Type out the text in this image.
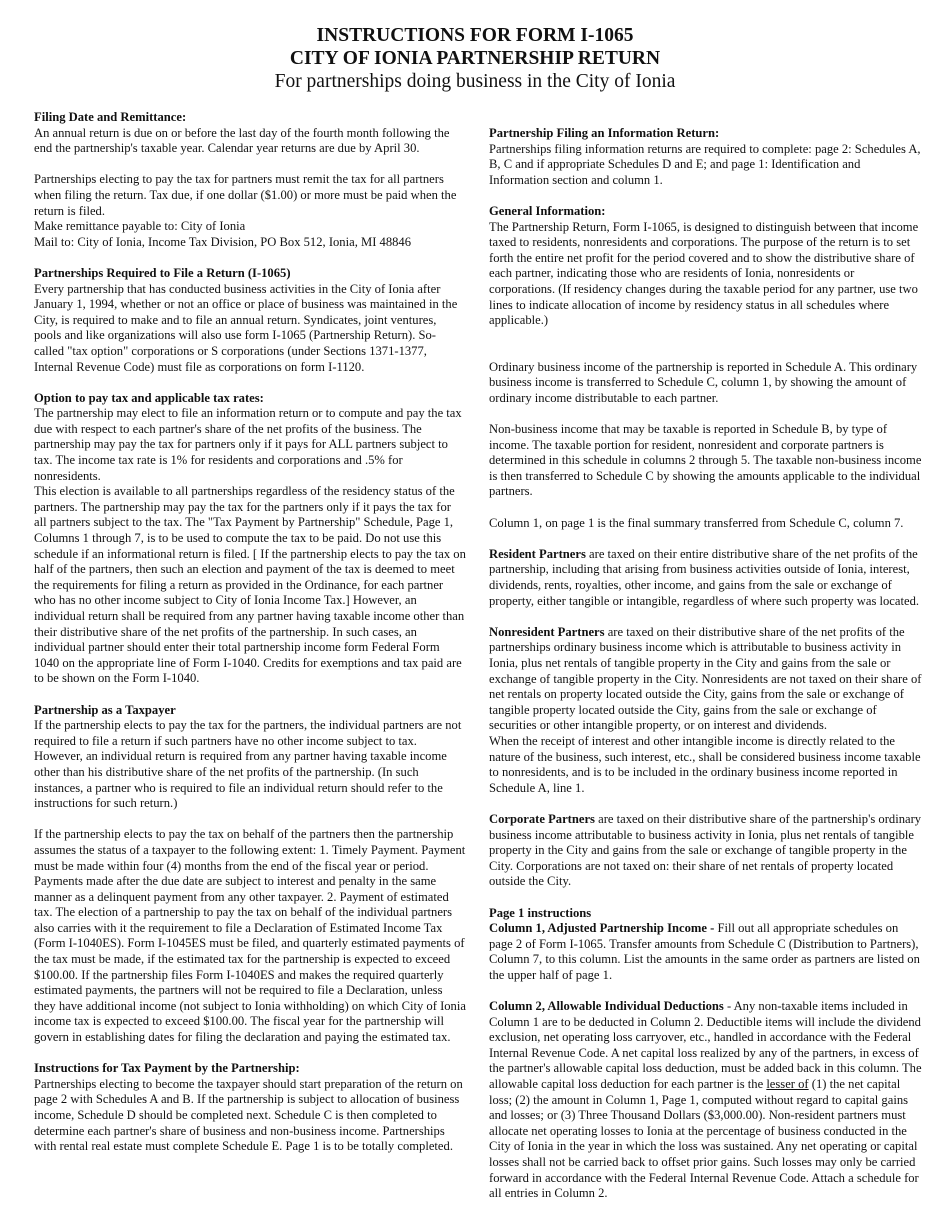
INSTRUCTIONS FOR FORM I-1065
CITY OF IONIA PARTNERSHIP RETURN
For partnerships doing business in the City of Ionia

Filing Date and Remittance:

An annual return is due on or before the last day of the fourth month following the end the partnership's taxable year. Calendar year returns are due by April 30.

Partnerships electing to pay the tax for partners must remit the tax for all partners when filing the return. Tax due, if one dollar ($1.00) or more must be paid when the return is filed.

Make remittance payable to: City of Ionia

Mail to: City of Ionia, Income Tax Division, PO Box 512, Ionia, MI 48846

Partnerships Required to File a Return (I-1065)

Every partnership that has conducted business activities in the City of Ionia after January 1, 1994, whether or not an office or place of business was maintained in the City, is required to make and to file an annual return. Syndicates, joint ventures, pools and like organizations will also use form I-1065 (Partnership Return). So-called "tax option" corporations or S corporations (under Sections 1371-1377, Internal Revenue Code) must file as corporations on form I-1120.

Option to pay tax and applicable tax rates:

The partnership may elect to file an information return or to compute and pay the tax due with respect to each partner's share of the net profits of the business. The partnership may pay the tax for partners only if it pays for ALL partners subject to tax. The income tax rate is 1% for residents and corporations and .5% for nonresidents.

This election is available to all partnerships regardless of the residency status of the partners. The partnership may pay the tax for the partners only if it pays the tax for all partners subject to the tax. The "Tax Payment by Partnership" Schedule, Page 1, Columns 1 through 7, is to be used to compute the tax to be paid. Do not use this schedule if an informational return is filed. [ If the partnership elects to pay the tax on half of the partners, then such an election and payment of the tax is deemed to meet the requirements for filing a return as provided in the Ordinance, for each partner who has no other income subject to City of Ionia Income Tax.] However, an individual return shall be required from any partner having taxable income other than their distributive share of the net profits of the partnership. In such cases, an individual partner should enter their total partnership income form Federal Form 1040 on the appropriate line of Form I-1040. Credits for exemptions and tax paid are to be shown on the Form I-1040.

Partnership as a Taxpayer

If the partnership elects to pay the tax for the partners, the individual partners are not required to file a return if such partners have no other income subject to tax. However, an individual return is required from any partner having taxable income other than his distributive share of the net profits of the partnership. (In such instances, a partner who is required to file an individual return should refer to the instructions for such return.)

If the partnership elects to pay the tax on behalf of the partners then the partnership assumes the status of a taxpayer to the following extent: 1. Timely Payment. Payment must be made within four (4) months from the end of the fiscal year or period. Payments made after the due date are subject to interest and penalty in the same manner as a delinquent payment from any other taxpayer. 2. Payment of estimated tax. The election of a partnership to pay the tax on behalf of the individual partners also carries with it the requirement to file a Declaration of Estimated Income Tax (Form I-1040ES). Form I-1045ES must be filed, and quarterly estimated payments of the tax must be made, if the estimated tax for the partnership is expected to exceed $100.00. If the partnership files Form I-1040ES and makes the required quarterly estimated payments, the partners will not be required to file a Declaration, unless they have additional income (not subject to Ionia withholding) on which City of Ionia income tax is expected to exceed $100.00. The fiscal year for the partnership will govern in establishing dates for filing the declaration and paying the estimated tax.

Instructions for Tax Payment by the Partnership:

Partnerships electing to become the taxpayer should start preparation of the return on page 2 with Schedules A and B. If the partnership is subject to allocation of business income, Schedule D should be completed next. Schedule C is then completed to determine each partner's share of business and non-business income. Partnerships with rental real estate must complete Schedule E. Page 1 is to be totally completed.

Partnership Filing an Information Return:

Partnerships filing information returns are required to complete: page 2: Schedules A, B, C and if appropriate Schedules D and E; and page 1: Identification and Information section and column 1.

General Information:

The Partnership Return, Form I-1065, is designed to distinguish between that income taxed to residents, nonresidents and corporations. The purpose of the return is to set forth the entire net profit for the period covered and to show the distributive share of each partner, indicating those who are residents of Ionia, nonresidents or corporations. (If residency changes during the taxable period for any partner, use two lines to indicate allocation of income by residency status in all schedules where applicable.)

Ordinary business income of the partnership is reported in Schedule A. This ordinary business income is transferred to Schedule C, column 1, by showing the amount of ordinary income distributable to each partner.

Non-business income that may be taxable is reported in Schedule B, by type of income. The taxable portion for resident, nonresident and corporate partners is determined in this schedule in columns 2 through 5. The taxable non-business income is then transferred to Schedule C by showing the amounts applicable to the individual partners.

Column 1, on page 1 is the final summary transferred from Schedule C, column 7.

Resident Partners are taxed on their entire distributive share of the net profits of the partnership, including that arising from business activities outside of Ionia, interest, dividends, rents, royalties, other income, and gains from the sale or exchange of property, either tangible or intangible, regardless of where such property was located.

Nonresident Partners are taxed on their distributive share of the net profits of the partnerships ordinary business income which is attributable to business activity in Ionia, plus net rentals of tangible property in the City and gains from the sale or exchange of tangible property in the City. Nonresidents are not taxed on their share of net rentals on property located outside the City, gains from the sale or exchange of tangible property located outside the City, gains from the sale or exchange of securities or other intangible property, or on interest and dividends.

When the receipt of interest and other intangible income is directly related to the nature of the business, such interest, etc., shall be considered business income taxable to nonresidents, and is to be included in the ordinary business income reported in Schedule A, line 1.

Corporate Partners are taxed on their distributive share of the partnership's ordinary business income attributable to business activity in Ionia, plus net rentals of tangible property in the City and gains from the sale or exchange of tangible property in the City. Corporations are not taxed on: their share of net rentals of property located outside the City.

Page 1 instructions

Column 1, Adjusted Partnership Income - Fill out all appropriate schedules on page 2 of Form I-1065. Transfer amounts from Schedule C (Distribution to Partners), Column 7, to this column. List the amounts in the same order as partners are listed on the upper half of page 1.

Column 2, Allowable Individual Deductions - Any non-taxable items included in Column 1 are to be deducted in Column 2. Deductible items will include the dividend exclusion, net operating loss carryover, etc., handled in accordance with the Federal Internal Revenue Code. A net capital loss realized by any of the partners, in excess of the partner's allowable capital loss deduction, must be added back in this column. The allowable capital loss deduction for each partner is the lesser of (1) the net capital loss; (2) the amount in Column 1, Page 1, computed without regard to capital gains and losses; or (3) Three Thousand Dollars ($3,000.00). Non-resident partners must allocate net operating losses to Ionia at the percentage of business conducted in the City of Ionia in the year in which the loss was sustained. Any net operating or capital losses shall not be carried back to offset prior gains. Such losses may only be carried forward in accordance with the Federal Internal Revenue Code. Attach a schedule for all entries in Column 2.
